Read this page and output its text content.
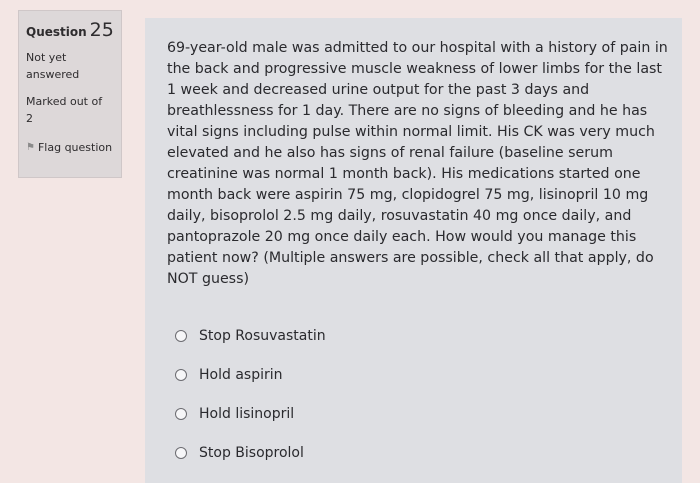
Question 25
Not yet answered
Marked out of
2
⚑ Flag question

69-year-old male was admitted to our hospital with a history of pain in the back and progressive muscle weakness of lower limbs for the last 1 week and decreased urine output for the past 3 days and breathlessness for 1 day. There are no signs of bleeding and he has vital signs including pulse within normal limit. His CK was very much elevated and he also has signs of renal failure (baseline serum creatinine was normal 1 month back). His medications started one month back were aspirin 75 mg, clopidogrel 75 mg, lisinopril 10 mg daily, bisoprolol 2.5 mg daily, rosuvastatin 40 mg once daily, and pantoprazole 20 mg once daily each. How would you manage this patient now? (Multiple answers are possible, check all that apply, do NOT guess)

Stop Rosuvastatin
Hold aspirin
Hold lisinopril
Stop Bisoprolol
